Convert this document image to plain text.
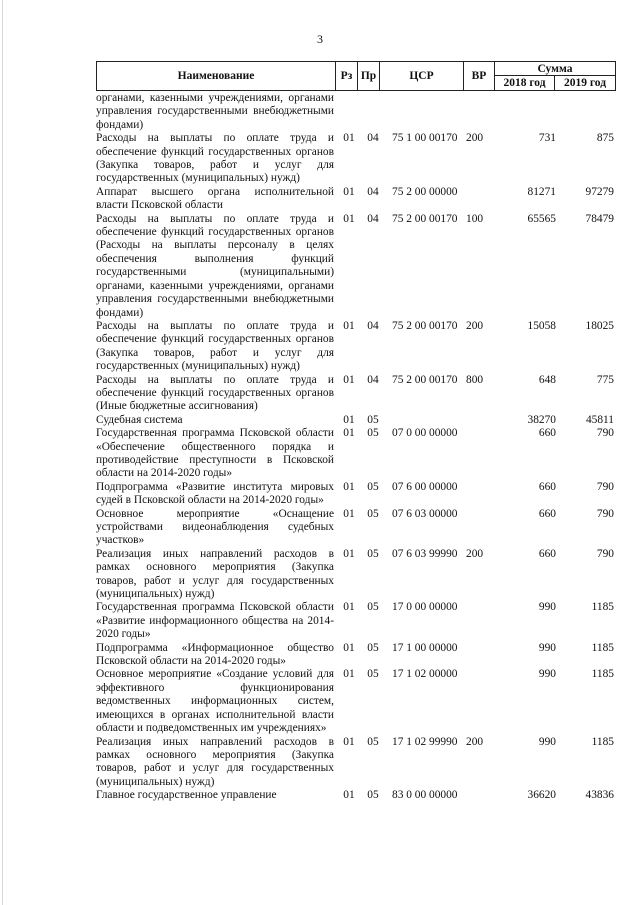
3
Наименование	Рз Пр	ЦСР	ВР
Сумма
2018 год	2019 год
органами, казенными учреждениями, органами управления государственными внебюджетными фондами)
Расходы на выплаты по оплате труда и обеспечение функций государственных органов (Закупка товаров, работ и услуг для государственных (муниципальных) нужд)
01	04	75 1 00 00170 200	731	875
Аппарат высшего органа исполнительной власти Псковской области
01	04	75 2 00 00000	81271	97279
Расходы на выплаты по оплате труда и обеспечение функций государственных органов (Расходы на выплаты персоналу в целях обеспечения выполнения функций государственными (муниципальными) органами, казенными учреждениями, органами управления государственными внебюджетными фондами)
01	04	75 2 00 00170 100	65565	78479
Расходы на выплаты по оплате труда и обеспечение функций государственных органов (Закупка товаров, работ и услуг для государственных (муниципальных) нужд)
01	04	75 2 00 00170 200	15058	18025
Расходы на выплаты по оплате труда и обеспечение функций государственных органов (Иные бюджетные ассигнования)
01	04	75 2 00 00170 800	648	775
Судебная система	01	05	38270	45811
Государственная программа Псковской области «Обеспечение общественного порядка и противодействие преступности в Псковской области на 2014-2020 годы»
01	05	07 0 00 00000	660	790
Подпрограмма «Развитие института мировых судей в Псковской области на 2014-2020 годы»
01	05	07 6 00 00000	660	790
Основное мероприятие «Оснащение устройствами видеонаблюдения судебных участков»
01	05	07 6 03 00000	660	790
Реализация иных направлений расходов в рамках основного мероприятия (Закупка товаров, работ и услуг для государственных (муниципальных) нужд)
01	05	07 6 03 99990 200	660	790
Государственная программа Псковской области «Развитие информационного общества на 2014-2020 годы»
01	05	17 0 00 00000	990	1185
Подпрограмма «Информационное общество Псковской области на 2014-2020 годы»
01	05	17 1 00 00000	990	1185
Основное мероприятие «Создание условий для эффективного функционирования ведомственных информационных систем, имеющихся в органах исполнительной власти области и подведомственных им учреждениях»
01	05	17 1 02 00000	990	1185
Реализация иных направлений расходов в рамках основного мероприятия (Закупка товаров, работ и услуг для государственных (муниципальных) нужд)
01	05	17 1 02 99990 200	990	1185
Главное государственное управление	01	05	83 0 00 00000	36620	43836
